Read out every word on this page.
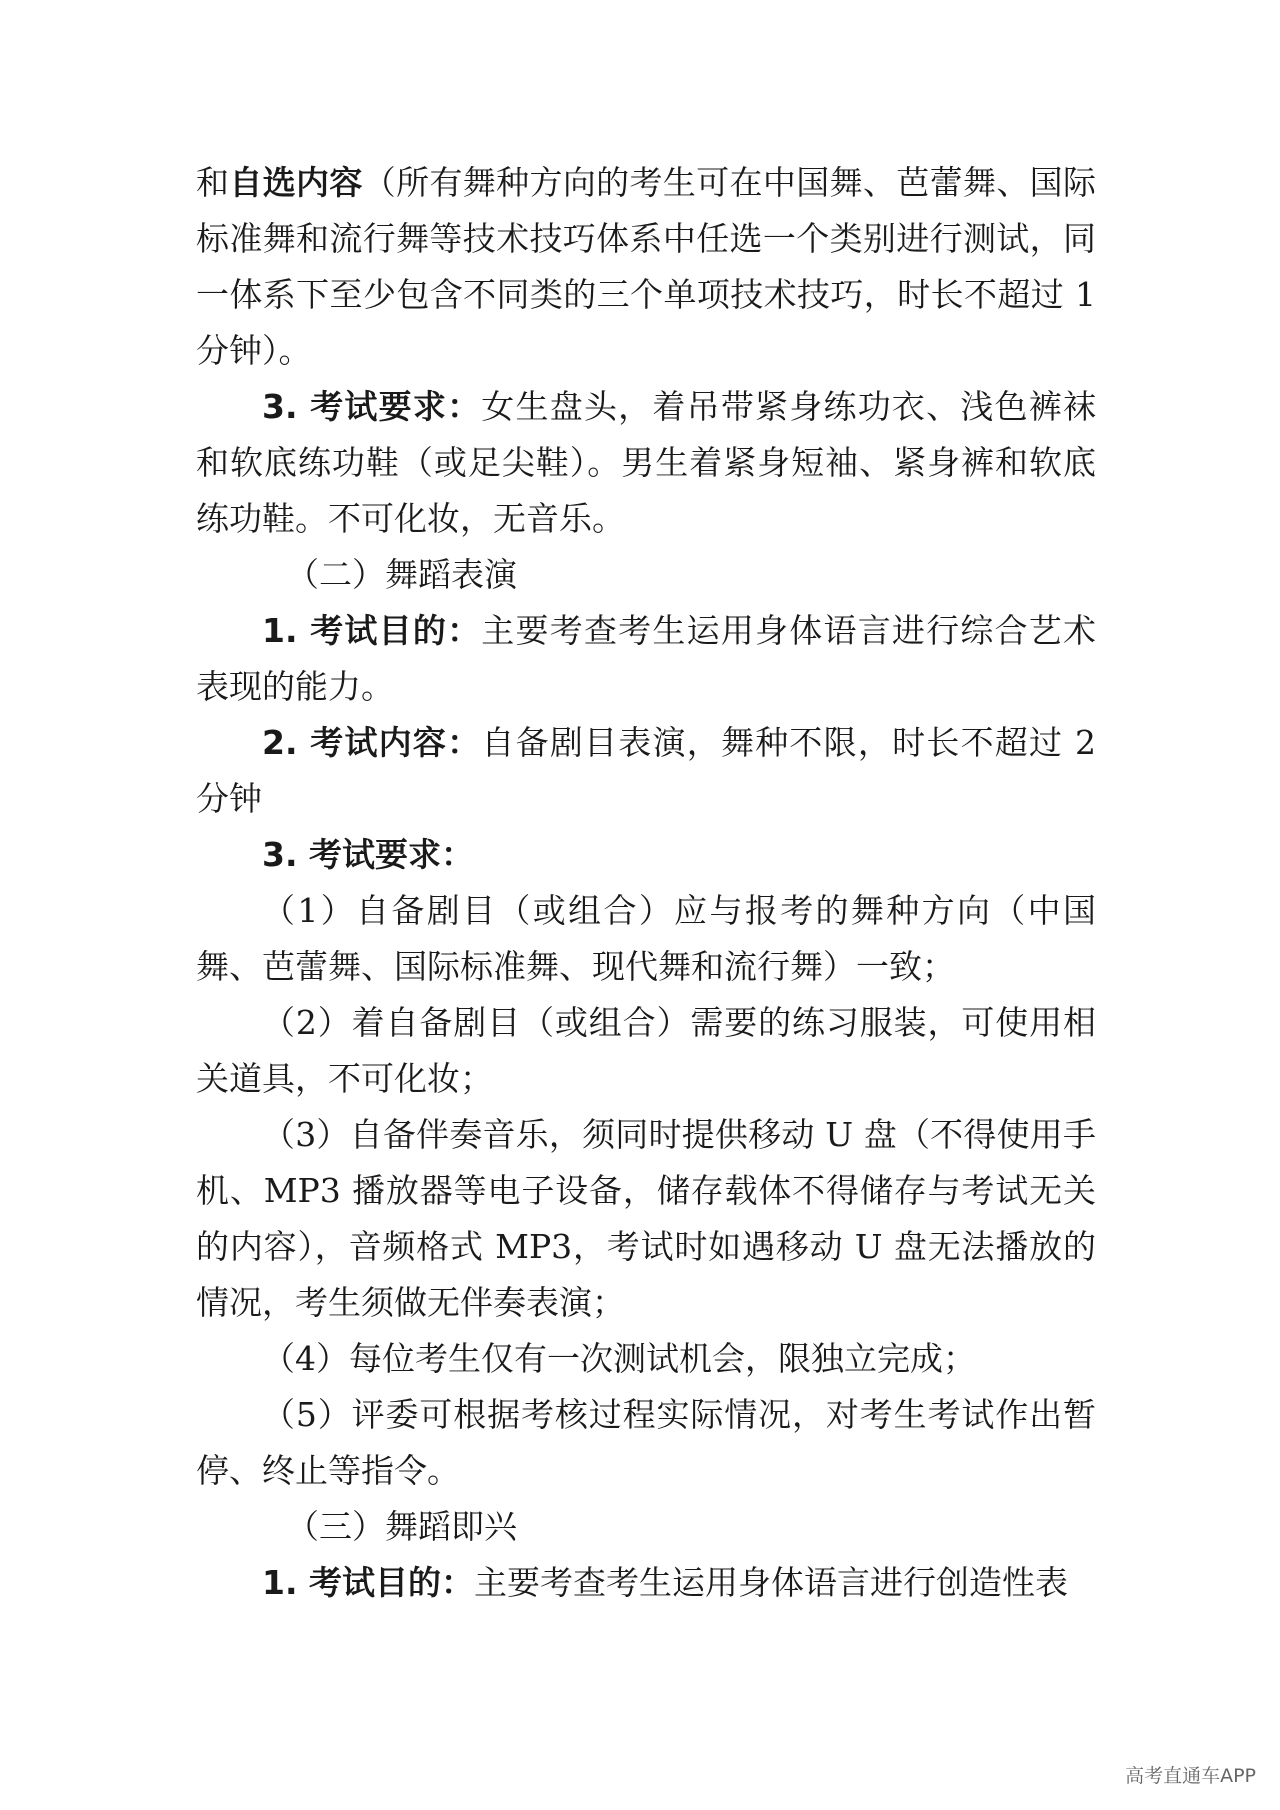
和自选内容（所有舞种方向的考生可在中国舞、芭蕾舞、国际标准舞和流行舞等技术技巧体系中任选一个类别进行测试，同一体系下至少包含不同类的三个单项技术技巧，时长不超过 1 分钟）。

3. 考试要求：女生盘头，着吊带紧身练功衣、浅色裤袜和软底练功鞋（或足尖鞋）。男生着紧身短袖、紧身裤和软底练功鞋。不可化妆，无音乐。

（二）舞蹈表演

1. 考试目的：主要考查考生运用身体语言进行综合艺术表现的能力。

2. 考试内容：自备剧目表演，舞种不限，时长不超过 2 分钟

3. 考试要求：

（1）自备剧目（或组合）应与报考的舞种方向（中国舞、芭蕾舞、国际标准舞、现代舞和流行舞）一致；

（2）着自备剧目（或组合）需要的练习服装，可使用相关道具，不可化妆；

（3）自备伴奏音乐，须同时提供移动 U 盘（不得使用手机、MP3 播放器等电子设备，储存载体不得储存与考试无关的内容），音频格式 MP3，考试时如遇移动 U 盘无法播放的情况，考生须做无伴奏表演；

（4）每位考生仅有一次测试机会，限独立完成；

（5）评委可根据考核过程实际情况，对考生考试作出暂停、终止等指令。

（三）舞蹈即兴

1. 考试目的：主要考查考生运用身体语言进行创造性表

高考直通车APP
